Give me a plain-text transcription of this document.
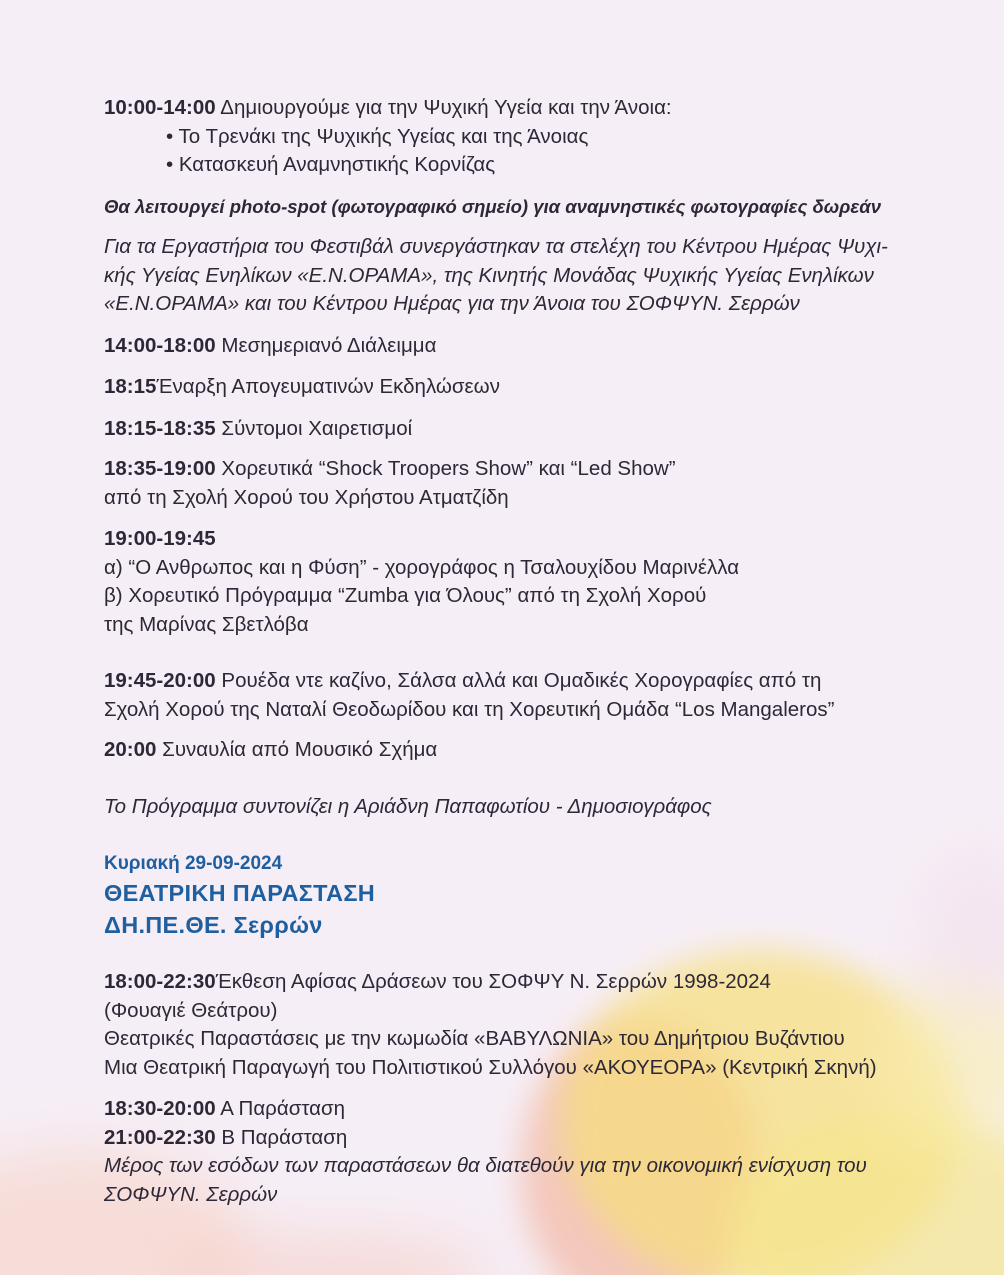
10:00-14:00 Δημιουργούμε για την Ψυχική Υγεία και την Άνοια:
• Το Τρενάκι της Ψυχικής Υγείας και της Άνοιας
• Κατασκευή Αναμνηστικής Κορνίζας
Θα λειτουργεί photo-spot (φωτογραφικό σημείο) για αναμνηστικές φωτογραφίες δωρεάν
Για τα Εργαστήρια του Φεστιβάλ συνεργάστηκαν τα στελέχη του Κέντρου Ημέρας Ψυχι-
κής Υγείας Ενηλίκων «Ε.Ν.ΟΡΑΜΑ», της Κινητής Μονάδας Ψυχικής Υγείας Ενηλίκων
«Ε.Ν.ΟΡΑΜΑ» και του Κέντρου Ημέρας για την Άνοια του ΣΟΦΨΥΝ. Σερρών
14:00-18:00 Μεσημεριανό Διάλειμμα
18:15Έναρξη Απογευματινών Εκδηλώσεων
18:15-18:35 Σύντομοι Χαιρετισμοί
18:35-19:00 Χορευτικά “Shock Troopers Show” και “Led Show”
από τη Σχολή Χορού του Χρήστου Ατματζίδη
19:00-19:45
α) “Ο Ανθρωπος και η Φύση” - χορογράφος η Τσαλουχίδου Μαρινέλλα
β) Χορευτικό Πρόγραμμα “Zumba για Όλους” από τη Σχολή Χορού
της Μαρίνας Σβετλόβα
19:45-20:00 Ρουέδα ντε καζίνο, Σάλσα αλλά και Ομαδικές Χορογραφίες από τη
Σχολή Χορού της Ναταλί Θεοδωρίδου και τη Χορευτική Ομάδα “Los Mangaleros”
20:00 Συναυλία από Μουσικό Σχήμα
Το Πρόγραμμα συντονίζει η Αριάδνη Παπαφωτίου - Δημοσιογράφος
Κυριακή 29-09-2024
ΘΕΑΤΡΙΚΗ ΠΑΡΑΣΤΑΣΗ
ΔΗ.ΠΕ.ΘΕ. Σερρών
18:00-22:30Έκθεση Αφίσας Δράσεων του ΣΟΦΨΥ Ν. Σερρών 1998-2024
(Φουαγιέ Θεάτρου)
Θεατρικές Παραστάσεις με την κωμωδία «ΒΑΒΥΛΩΝΙΑ» του Δημήτριου Βυζάντιου
Μια Θεατρική Παραγωγή του Πολιτιστικού Συλλόγου «ΑΚΟΥΕΟΡΑ» (Κεντρική Σκηνή)
18:30-20:00 Α Παράσταση
21:00-22:30 Β Παράσταση
Μέρος των εσόδων των παραστάσεων θα διατεθούν για την οικονομική ενίσχυση του
ΣΟΦΨΥΝ. Σερρών
